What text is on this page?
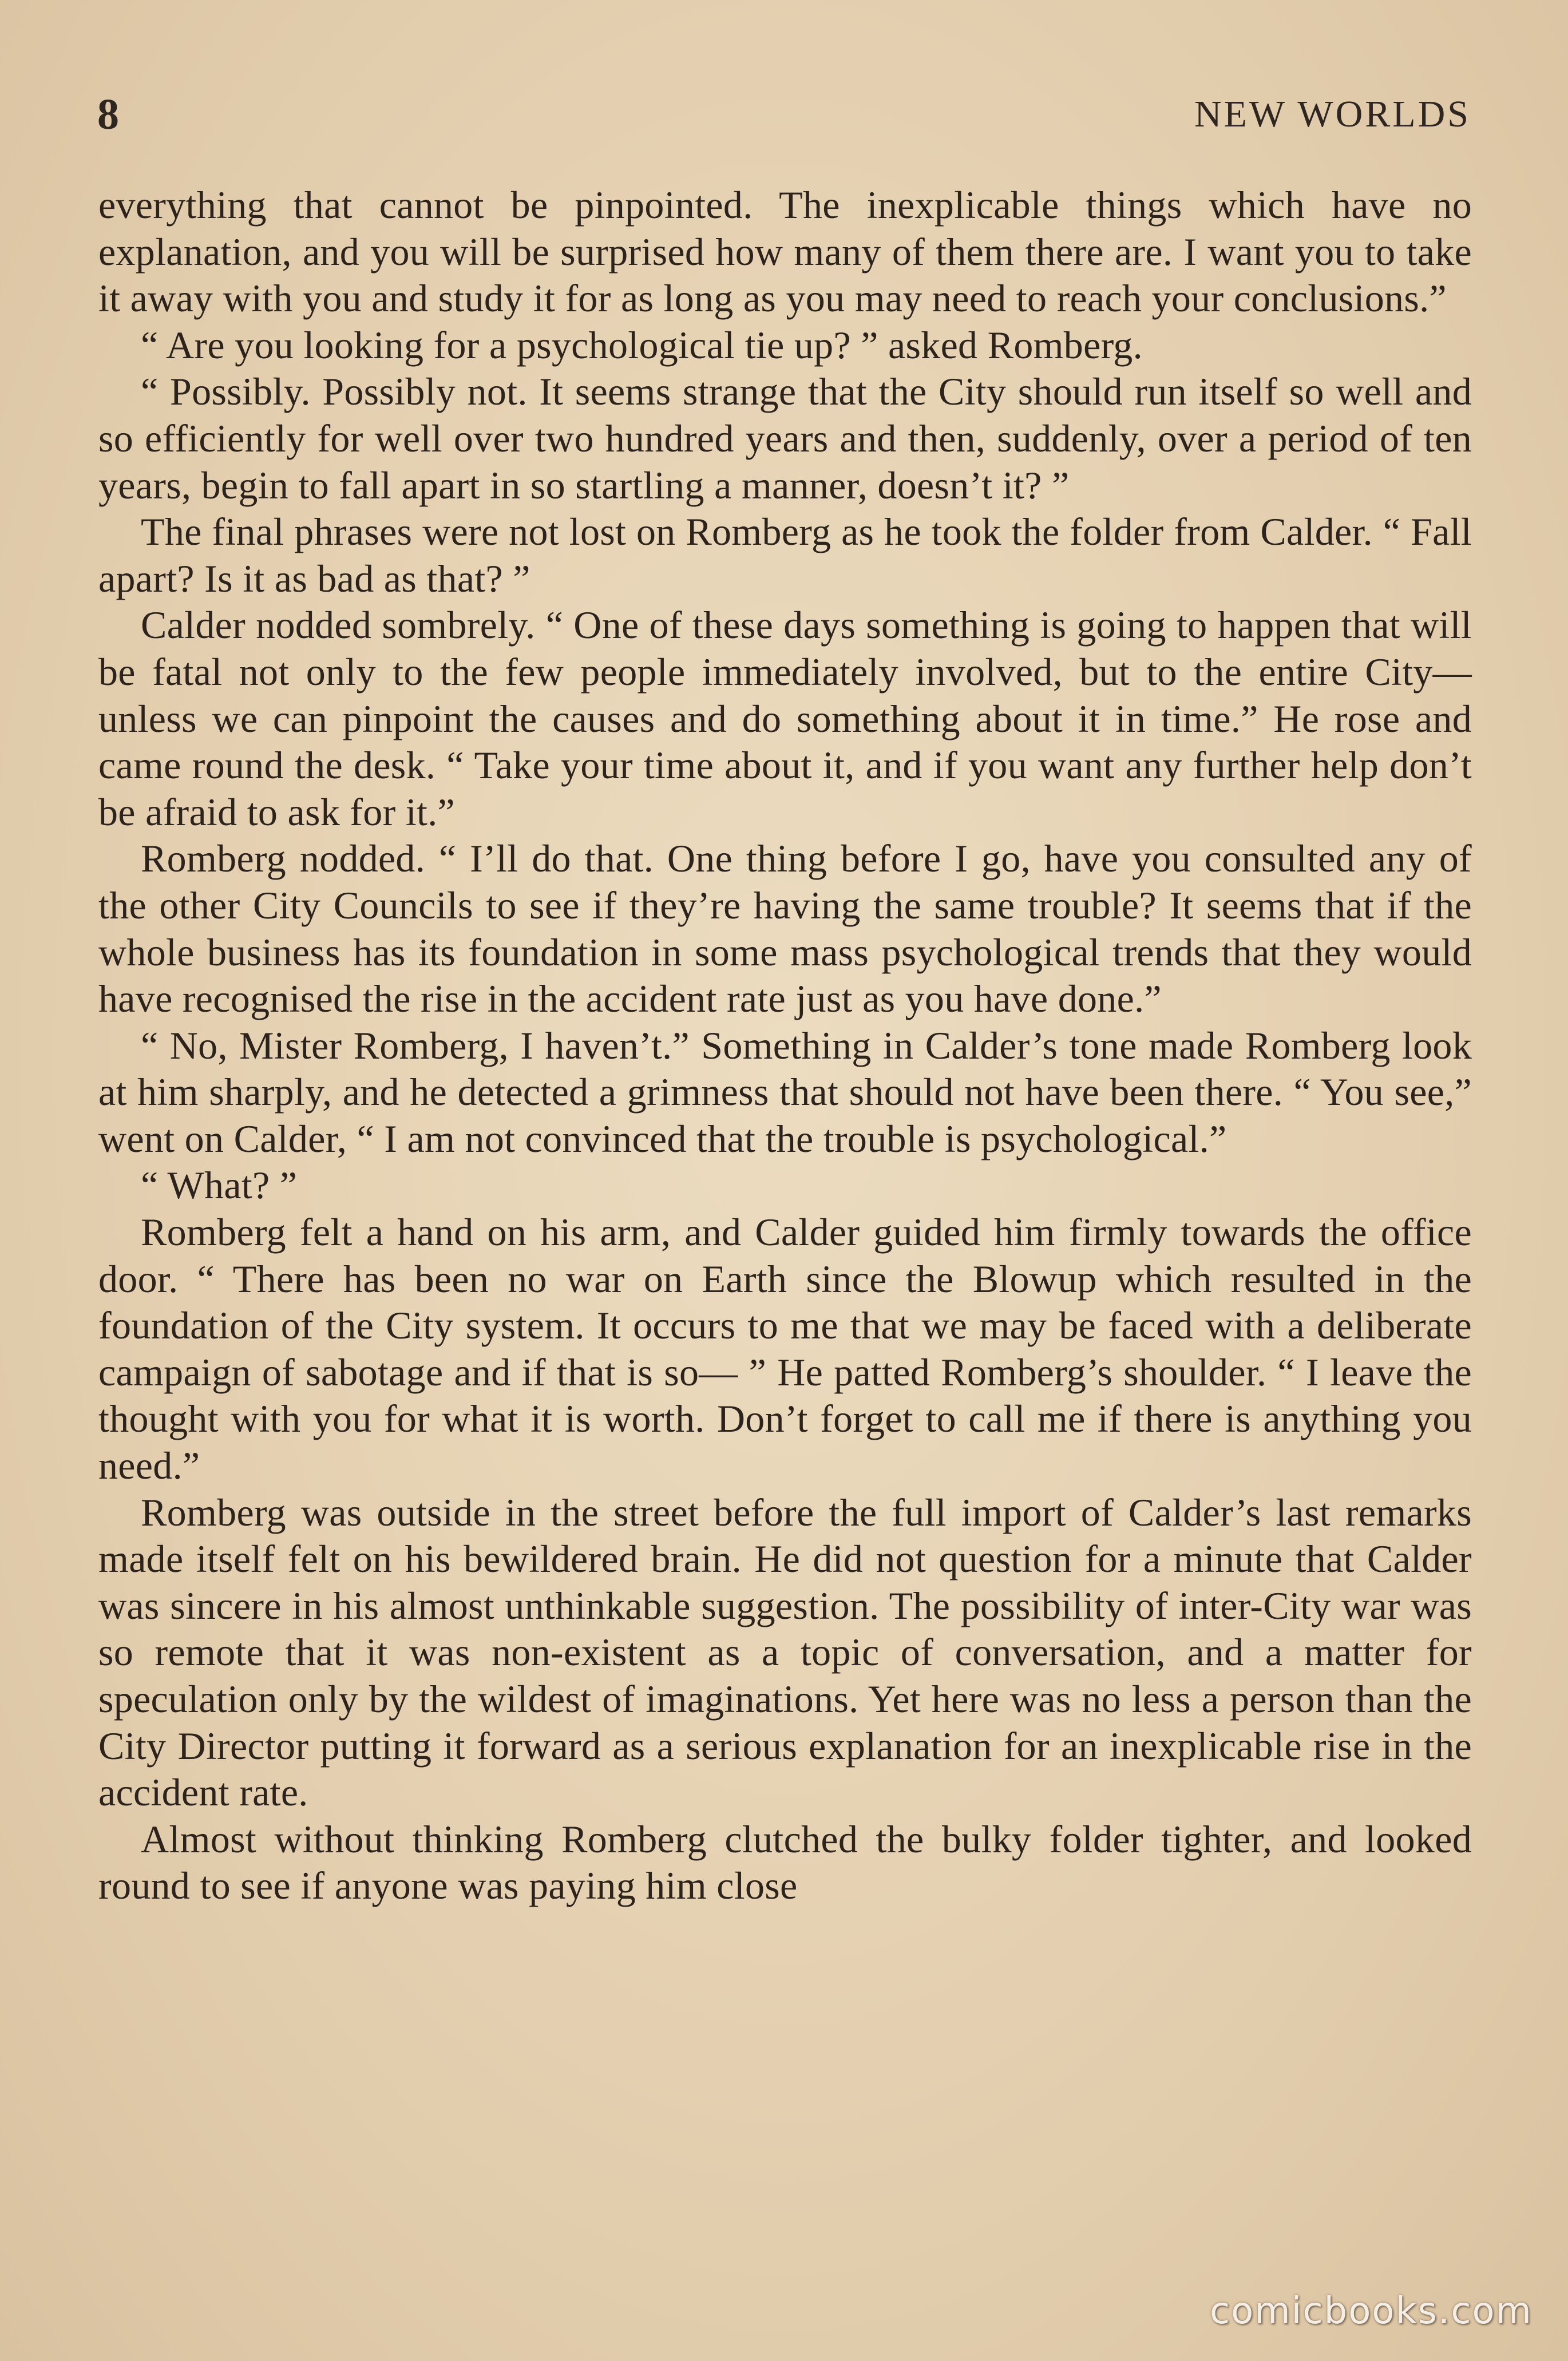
8	NEW WORLDS

everything that cannot be pinpointed. The inexplicable things which have no explanation, and you will be surprised how many of them there are. I want you to take it away with you and study it for as long as you may need to reach your conclusions.”

“ Are you looking for a psychological tie up? ” asked Romberg.

“ Possibly. Possibly not. It seems strange that the City should run itself so well and so efficiently for well over two hundred years and then, suddenly, over a period of ten years, begin to fall apart in so startling a manner, doesn’t it? ”

The final phrases were not lost on Romberg as he took the folder from Calder. “ Fall apart? Is it as bad as that? ”

Calder nodded sombrely. “ One of these days something is going to happen that will be fatal not only to the few people immediately involved, but to the entire City—unless we can pinpoint the causes and do something about it in time.” He rose and came round the desk. “ Take your time about it, and if you want any further help don’t be afraid to ask for it.”

Romberg nodded. “ I’ll do that. One thing before I go, have you consulted any of the other City Councils to see if they’re having the same trouble? It seems that if the whole business has its foundation in some mass psychological trends that they would have recognised the rise in the accident rate just as you have done.”

“ No, Mister Romberg, I haven’t.” Something in Calder’s tone made Romberg look at him sharply, and he detected a grimness that should not have been there. “ You see,” went on Calder, “ I am not convinced that the trouble is psychological.”

“ What? ”

Romberg felt a hand on his arm, and Calder guided him firmly towards the office door. “ There has been no war on Earth since the Blowup which resulted in the foundation of the City system. It occurs to me that we may be faced with a deliberate campaign of sabotage and if that is so— ” He patted Romberg’s shoulder. “ I leave the thought with you for what it is worth. Don’t forget to call me if there is anything you need.”

Romberg was outside in the street before the full import of Calder’s last remarks made itself felt on his bewildered brain. He did not question for a minute that Calder was sincere in his almost unthinkable suggestion. The possibility of inter-City war was so remote that it was non-existent as a topic of conversation, and a matter for speculation only by the wildest of imaginations. Yet here was no less a person than the City Director putting it forward as a serious explanation for an inexplicable rise in the accident rate.

Almost without thinking Romberg clutched the bulky folder tighter, and looked round to see if anyone was paying him close

comicbooks.com
